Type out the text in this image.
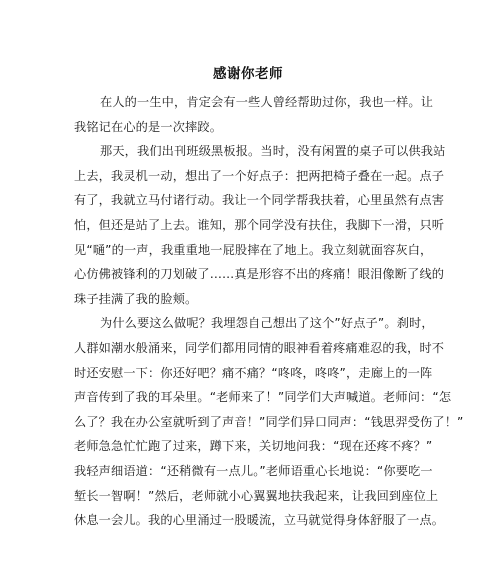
感谢你老师
在人的一生中，肯定会有一些人曾经帮助过你，我也一样。让
我铭记在心的是一次摔跤。
那天，我们出刊班级黑板报。当时，没有闲置的桌子可以供我站
上去，我灵机一动，想出了一个好点子：把两把椅子叠在一起。点子
有了，我就立马付诸行动。我让一个同学帮我扶着，心里虽然有点害
怕，但还是站了上去。谁知，那个同学没有扶住，我脚下一滑，只听
见“嗵”的一声，我重重地一屁股摔在了地上。我立刻就面容灰白，
心仿佛被锋利的刀划破了……真是形容不出的疼痛！眼泪像断了线的
珠子挂满了我的脸颊。
为什么要这么做呢？我埋怨自己想出了这个”好点子”。刹时，
人群如潮水般涌来，同学们都用同情的眼神看着疼痛难忍的我，时不
时还安慰一下：你还好吧？痛不痛？“咚咚，咚咚”，走廊上的一阵
声音传到了我的耳朵里。“老师来了！”同学们大声喊道。老师问：“怎
么了？我在办公室就听到了声音！”同学们异口同声：“钱思羿受伤了！”
老师急急忙忙跑了过来，蹲下来，关切地问我：“现在还疼不疼？”
我轻声细语道：“还稍微有一点儿。”老师语重心长地说：“你要吃一
堑长一智啊！”然后，老师就小心翼翼地扶我起来，让我回到座位上
休息一会儿。我的心里涌过一股暖流，立马就觉得身体舒服了一点。
